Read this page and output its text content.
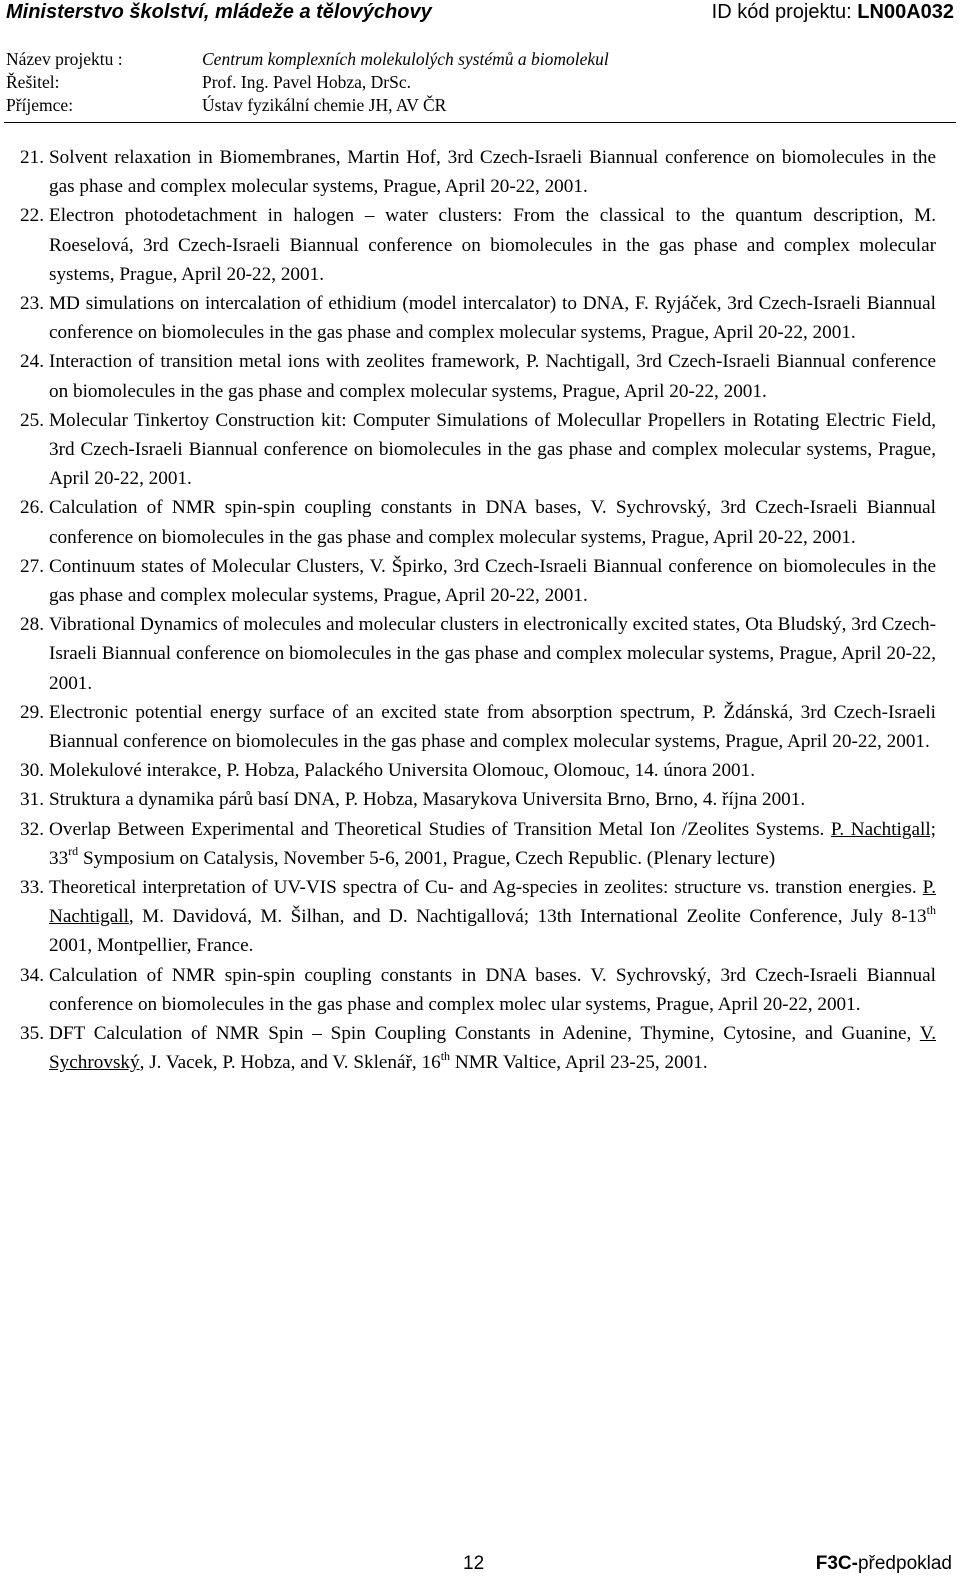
Ministerstvo školství, mládeže a tělovýchovy	ID kód projektu: LN00A032
Název projektu :	Centrum komplexních molekulolých systémů a biomolekul
Řešitel:	Prof. Ing. Pavel Hobza, DrSc.
Příjemce:	Ústav fyzikální chemie JH, AV ČR
21. Solvent relaxation in Biomembranes, Martin Hof, 3rd Czech-Israeli Biannual conference on biomolecules in the gas phase and complex molecular systems, Prague, April 20-22, 2001.
22. Electron photodetachment in halogen – water clusters: From the classical to the quantum description, M. Roeselová, 3rd Czech-Israeli Biannual conference on biomolecules in the gas phase and complex molecular systems, Prague, April 20-22, 2001.
23. MD simulations on intercalation of ethidium (model intercalator) to DNA, F. Ryjáček, 3rd Czech-Israeli Biannual conference on biomolecules in the gas phase and complex molecular systems, Prague, April 20-22, 2001.
24. Interaction of transition metal ions with zeolites framework, P. Nachtigall, 3rd Czech-Israeli Biannual conference on biomolecules in the gas phase and complex molecular systems, Prague, April 20-22, 2001.
25. Molecular Tinkertoy Construction kit: Computer Simulations of Molecullar Propellers in Rotating Electric Field, 3rd Czech-Israeli Biannual conference on biomolecules in the gas phase and complex molecular systems, Prague, April 20-22, 2001.
26. Calculation of NMR spin-spin coupling constants in DNA bases, V. Sychrovský, 3rd Czech-Israeli Biannual conference on biomolecules in the gas phase and complex molecular systems, Prague, April 20-22, 2001.
27. Continuum states of Molecular Clusters, V. Špirko, 3rd Czech-Israeli Biannual conference on biomolecules in the gas phase and complex molecular systems, Prague, April 20-22, 2001.
28. Vibrational Dynamics of molecules and molecular clusters in electronically excited states, Ota Bludský, 3rd Czech-Israeli Biannual conference on biomolecules in the gas phase and complex molecular systems, Prague, April 20-22, 2001.
29. Electronic potential energy surface of an excited state from absorption spectrum, P. Ždánská, 3rd Czech-Israeli Biannual conference on biomolecules in the gas phase and complex molecular systems, Prague, April 20-22, 2001.
30. Molekulové interakce, P. Hobza, Palackého Universita Olomouc, Olomouc, 14. února 2001.
31. Struktura a dynamika párů basí DNA, P. Hobza, Masarykova Universita Brno, Brno, 4. října 2001.
32. Overlap Between Experimental and Theoretical Studies of Transition Metal Ion /Zeolites Systems. P. Nachtigall; 33rd Symposium on Catalysis, November 5-6, 2001, Prague, Czech Republic. (Plenary lecture)
33. Theoretical interpretation of UV-VIS spectra of Cu- and Ag-species in zeolites: structure vs. transtion energies. P. Nachtigall, M. Davidová, M. Šilhan, and D. Nachtigallová; 13th International Zeolite Conference, July 8-13th 2001, Montpellier, France.
34. Calculation of NMR spin-spin coupling constants in DNA bases. V. Sychrovský, 3rd Czech-Israeli Biannual conference on biomolecules in the gas phase and complex molec ular systems, Prague, April 20-22, 2001.
35. DFT Calculation of NMR Spin – Spin Coupling Constants in Adenine, Thymine, Cytosine, and Guanine, V. Sychrovský, J. Vacek, P. Hobza, and V. Sklenář, 16th NMR Valtice, April 23-25, 2001.
12	F3C-předpoklad
